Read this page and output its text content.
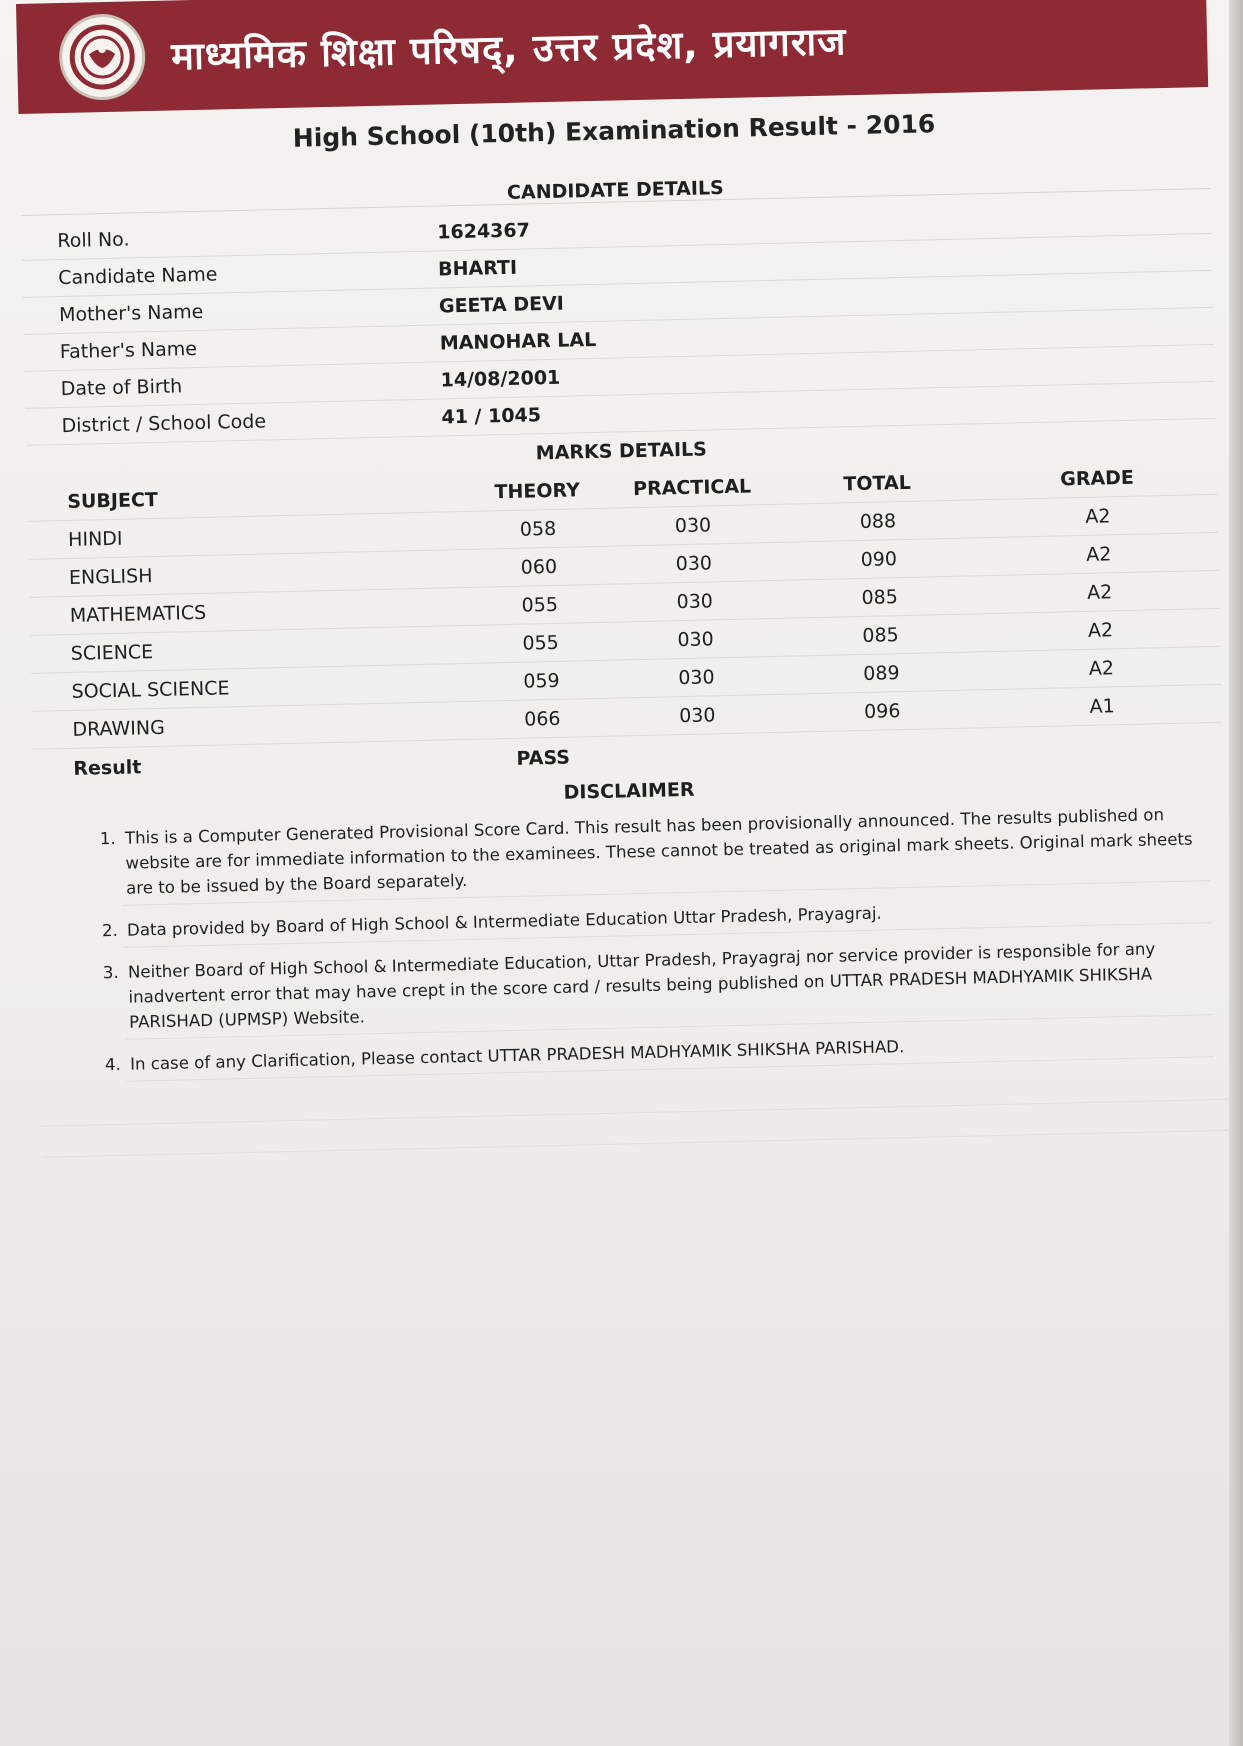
माध्यमिक शिक्षा परिषद्, उत्तर प्रदेश, प्रयागराज
High School (10th) Examination Result - 2016
CANDIDATE DETAILS
Roll No.	1624367
Candidate Name	BHARTI
Mother's Name	GEETA DEVI
Father's Name	MANOHAR LAL
Date of Birth	14/08/2001
District / School Code	41 / 1045
MARKS DETAILS
SUBJECT	THEORY	PRACTICAL	TOTAL	GRADE
HINDI	058	030	088	A2
ENGLISH	060	030	090	A2
MATHEMATICS	055	030	085	A2
SCIENCE	055	030	085	A2
SOCIAL SCIENCE	059	030	089	A2
DRAWING	066	030	096	A1
Result	PASS
DISCLAIMER
1. This is a Computer Generated Provisional Score Card. This result has been provisionally announced. The results published on website are for immediate information to the examinees. These cannot be treated as original mark sheets. Original mark sheets are to be issued by the Board separately.
2. Data provided by Board of High School & Intermediate Education Uttar Pradesh, Prayagraj.
3. Neither Board of High School & Intermediate Education, Uttar Pradesh, Prayagraj nor service provider is responsible for any inadvertent error that may have crept in the score card / results being published on UTTAR PRADESH MADHYAMIK SHIKSHA PARISHAD (UPMSP) Website.
4. In case of any Clarification, Please contact UTTAR PRADESH MADHYAMIK SHIKSHA PARISHAD.
